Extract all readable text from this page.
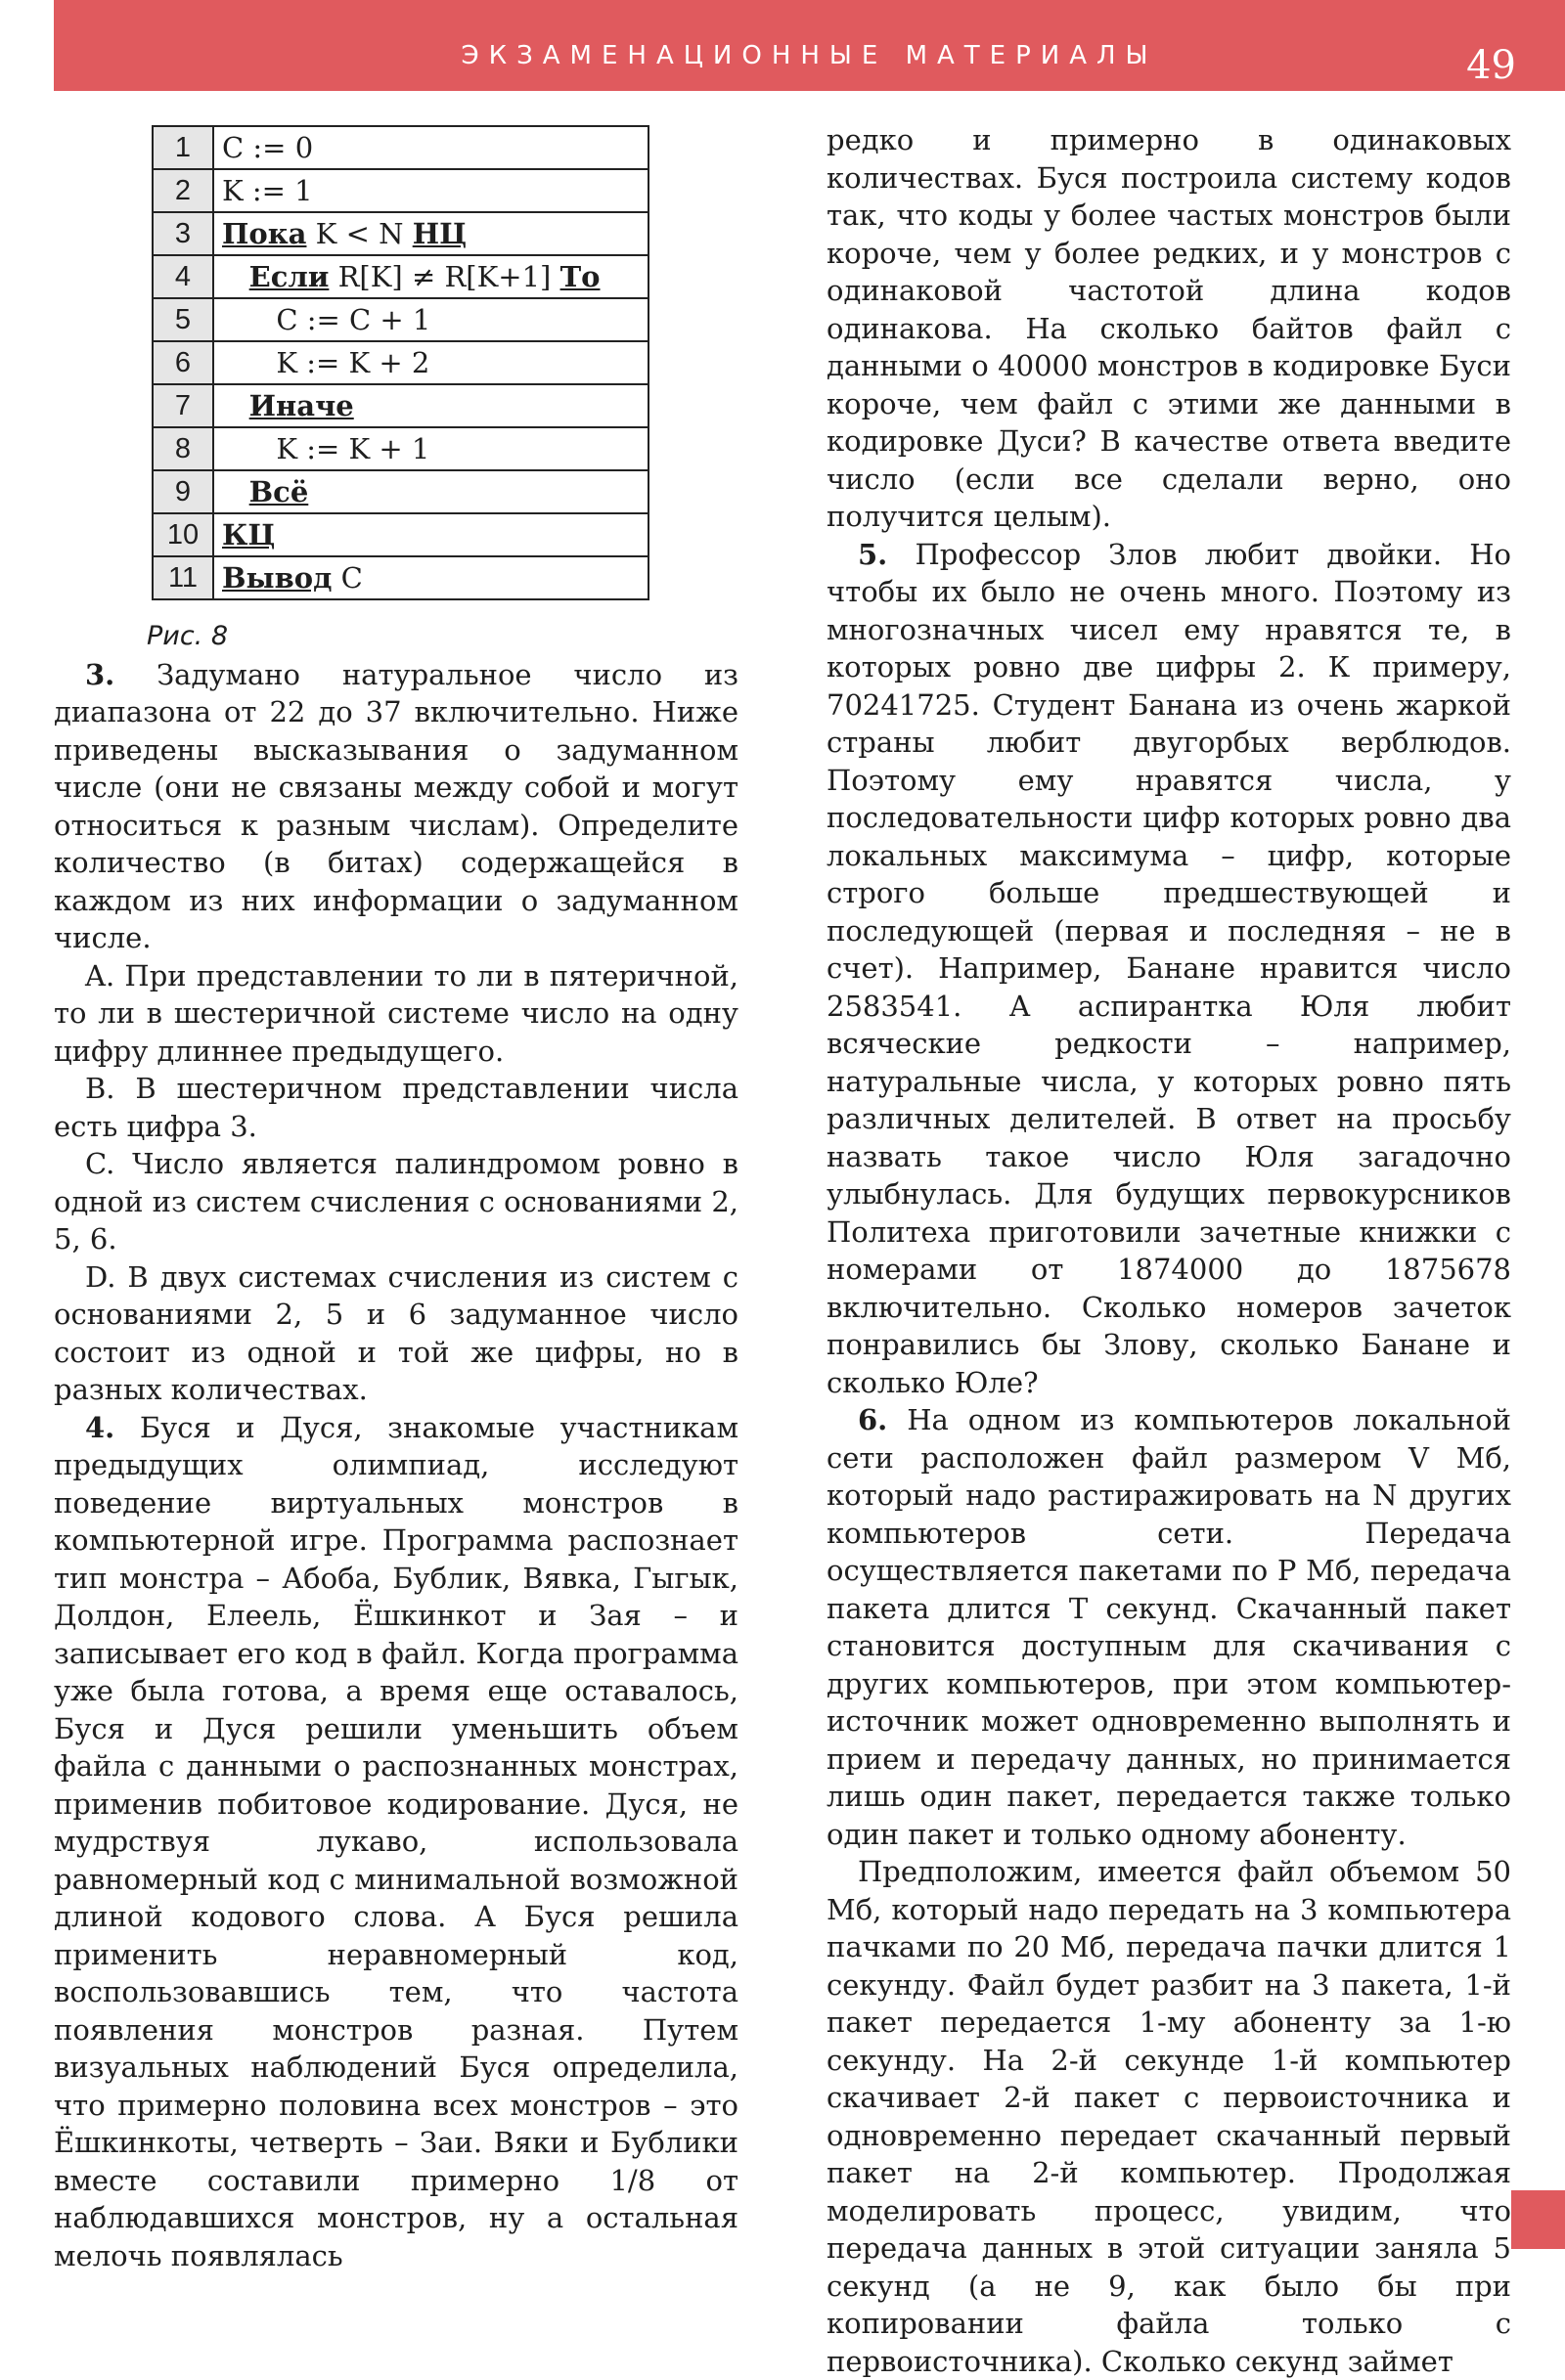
ЭКЗАМЕНАЦИОННЫЕ МАТЕРИАЛЫ	49
1	C := 0
2	K := 1
3	Пока K < N НЦ
4	Если R[K] ≠ R[K+1] То
5	C := C + 1
6	K := K + 2
7	Иначе
8	K := K + 1
9	Всё
10	КЦ
11	Вывод C
Рис. 8

3. Задумано натуральное число из диапазона от 22 до 37 включительно. Ниже приведены высказывания о задуманном числе (они не связаны между собой и могут относиться к разным числам). Определите количество (в битах) содержащейся в каждом из них информации о задуманном числе.

A. При представлении то ли в пятеричной, то ли в шестеричной системе число на одну цифру длиннее предыдущего.

B. В шестеричном представлении числа есть цифра 3.

C. Число является палиндромом ровно в одной из систем счисления с основаниями 2, 5, 6.

D. В двух системах счисления из систем с основаниями 2, 5 и 6 задуманное число состоит из одной и той же цифры, но в разных количествах.

4. Буся и Дуся, знакомые участникам предыдущих олимпиад, исследуют поведение виртуальных монстров в компьютерной игре. Программа распознает тип монстра – Абоба, Бублик, Вявка, Гыгык, Долдон, Елеель, Ёшкинкот и Зая – и записывает его код в файл. Когда программа уже была готова, а время еще оставалось, Буся и Дуся решили уменьшить объем файла с данными о распознанных монстрах, применив побитовое кодирование. Дуся, не мудрствуя лукаво, использовала равномерный код с минимальной возможной длиной кодового слова. А Буся решила применить неравномерный код, воспользовавшись тем, что частота появления монстров разная. Путем визуальных наблюдений Буся определила, что примерно половина всех монстров – это Ёшкинкоты, четверть – Заи. Вяки и Бублики вместе составили примерно 1/8 от наблюдавшихся монстров, ну а остальная мелочь появлялась

редко и примерно в одинаковых количествах. Буся построила систему кодов так, что коды у более частых монстров были короче, чем у более редких, и у монстров с одинаковой частотой длина кодов одинакова. На сколько байтов файл с данными о 40000 монстров в кодировке Буси короче, чем файл с этими же данными в кодировке Дуси? В качестве ответа введите число (если все сделали верно, оно получится целым).

5. Профессор Злов любит двойки. Но чтобы их было не очень много. Поэтому из многозначных чисел ему нравятся те, в которых ровно две цифры 2. К примеру, 70241725. Студент Банана из очень жаркой страны любит двугорбых верблюдов. Поэтому ему нравятся числа, у последовательности цифр которых ровно два локальных максимума – цифр, которые строго больше предшествующей и последующей (первая и последняя – не в счет). Например, Банане нравится число 2583541. А аспирантка Юля любит всяческие редкости – например, натуральные числа, у которых ровно пять различных делителей. В ответ на просьбу назвать такое число Юля загадочно улыбнулась. Для будущих первокурсников Политеха приготовили зачетные книжки с номерами от 1874000 до 1875678 включительно. Сколько номеров зачеток понравились бы Злову, сколько Банане и сколько Юле?

6. На одном из компьютеров локальной сети расположен файл размером V Мб, который надо растиражировать на N других компьютеров сети. Передача осуществляется пакетами по P Мб, передача пакета длится T секунд. Скачанный пакет становится доступным для скачивания с других компьютеров, при этом компьютер-источник может одновременно выполнять и прием и передачу данных, но принимается лишь один пакет, передается также только один пакет и только одному абоненту.

Предположим, имеется файл объемом 50 Мб, который надо передать на 3 компьютера пачками по 20 Мб, передача пачки длится 1 секунду. Файл будет разбит на 3 пакета, 1-й пакет передается 1-му абоненту за 1-ю секунду. На 2-й секунде 1-й компьютер скачивает 2-й пакет с первоисточника и одновременно передает скачанный первый пакет на 2-й компьютер. Продолжая моделировать процесс, увидим, что передача данных в этой ситуации заняла 5 секунд (а не 9, как было бы при копировании файла только с первоисточника). Сколько секунд займет
